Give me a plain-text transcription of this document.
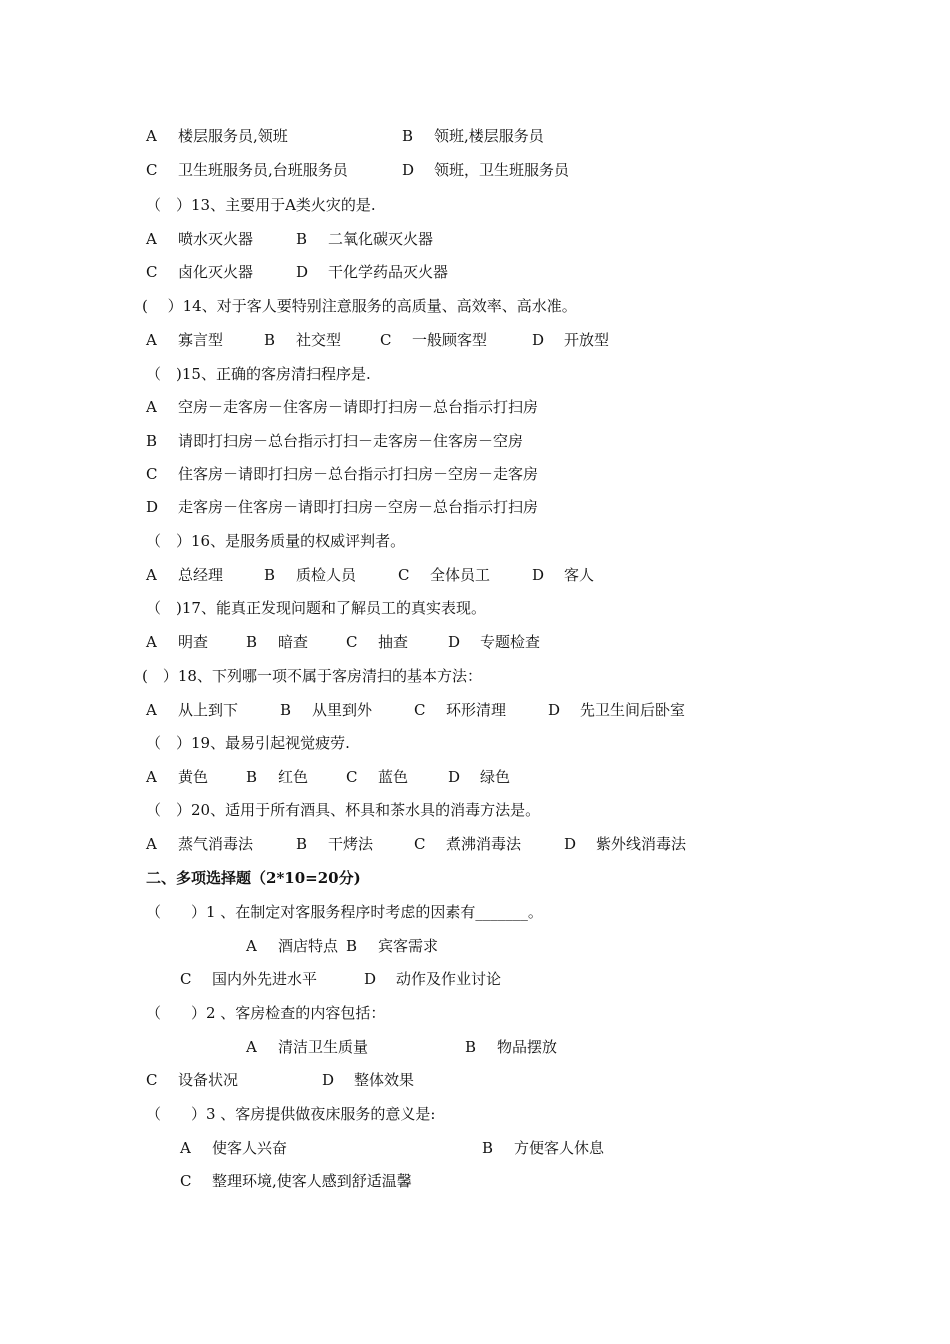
A 楼层服务员,领班	B 领班,楼层服务员
C 卫生班服务员,台班服务员	D 领班，卫生班服务员
（　）13、主要用于A类火灾的是.
A 喷水灭火器	B 二氧化碳灭火器
C 卤化灭火器	D 干化学药品灭火器
(　 ）14、对于客人要特别注意服务的高质量、高效率、高水准。
A 寡言型	B 社交型	C 一般顾客型	D 开放型
（　)15、正确的客房清扫程序是.
A 空房－走客房－住客房－请即打扫房－总台指示打扫房
B 请即打扫房－总台指示打扫－走客房－住客房－空房
C 住客房－请即打扫房－总台指示打扫房－空房－走客房
D 走客房－住客房－请即打扫房－空房－总台指示打扫房
（　）16、是服务质量的权威评判者。
A 总经理	B 质检人员	C 全体员工	D 客人
（　)17、能真正发现问题和了解员工的真实表现。
A 明查	B 暗查	C 抽查	D 专题检查
(　）18、下列哪一项不属于客房清扫的基本方法：
A 从上到下	B 从里到外	C 环形清理	D 先卫生间后卧室
（　）19、最易引起视觉疲劳.
A 黄色	B 红色	C 蓝色	D 绿色
（　）20、适用于所有酒具、杯具和茶水具的消毒方法是。
A 蒸气消毒法	B 干烤法	C 煮沸消毒法	D 紫外线消毒法
二、多项选择题（2*10=20分)
（　　）1 、在制定对客服务程序时考虑的因素有_______。
A 酒店特点 B 宾客需求
C 国内外先进水平	D 动作及作业讨论
（　　）2 、客房检查的内容包括：
A 清洁卫生质量	B 物品摆放
C 设备状况	D 整体效果
（　　）3 、客房提供做夜床服务的意义是:
A 使客人兴奋	B 方便客人休息
C 整理环境,使客人感到舒适温馨
